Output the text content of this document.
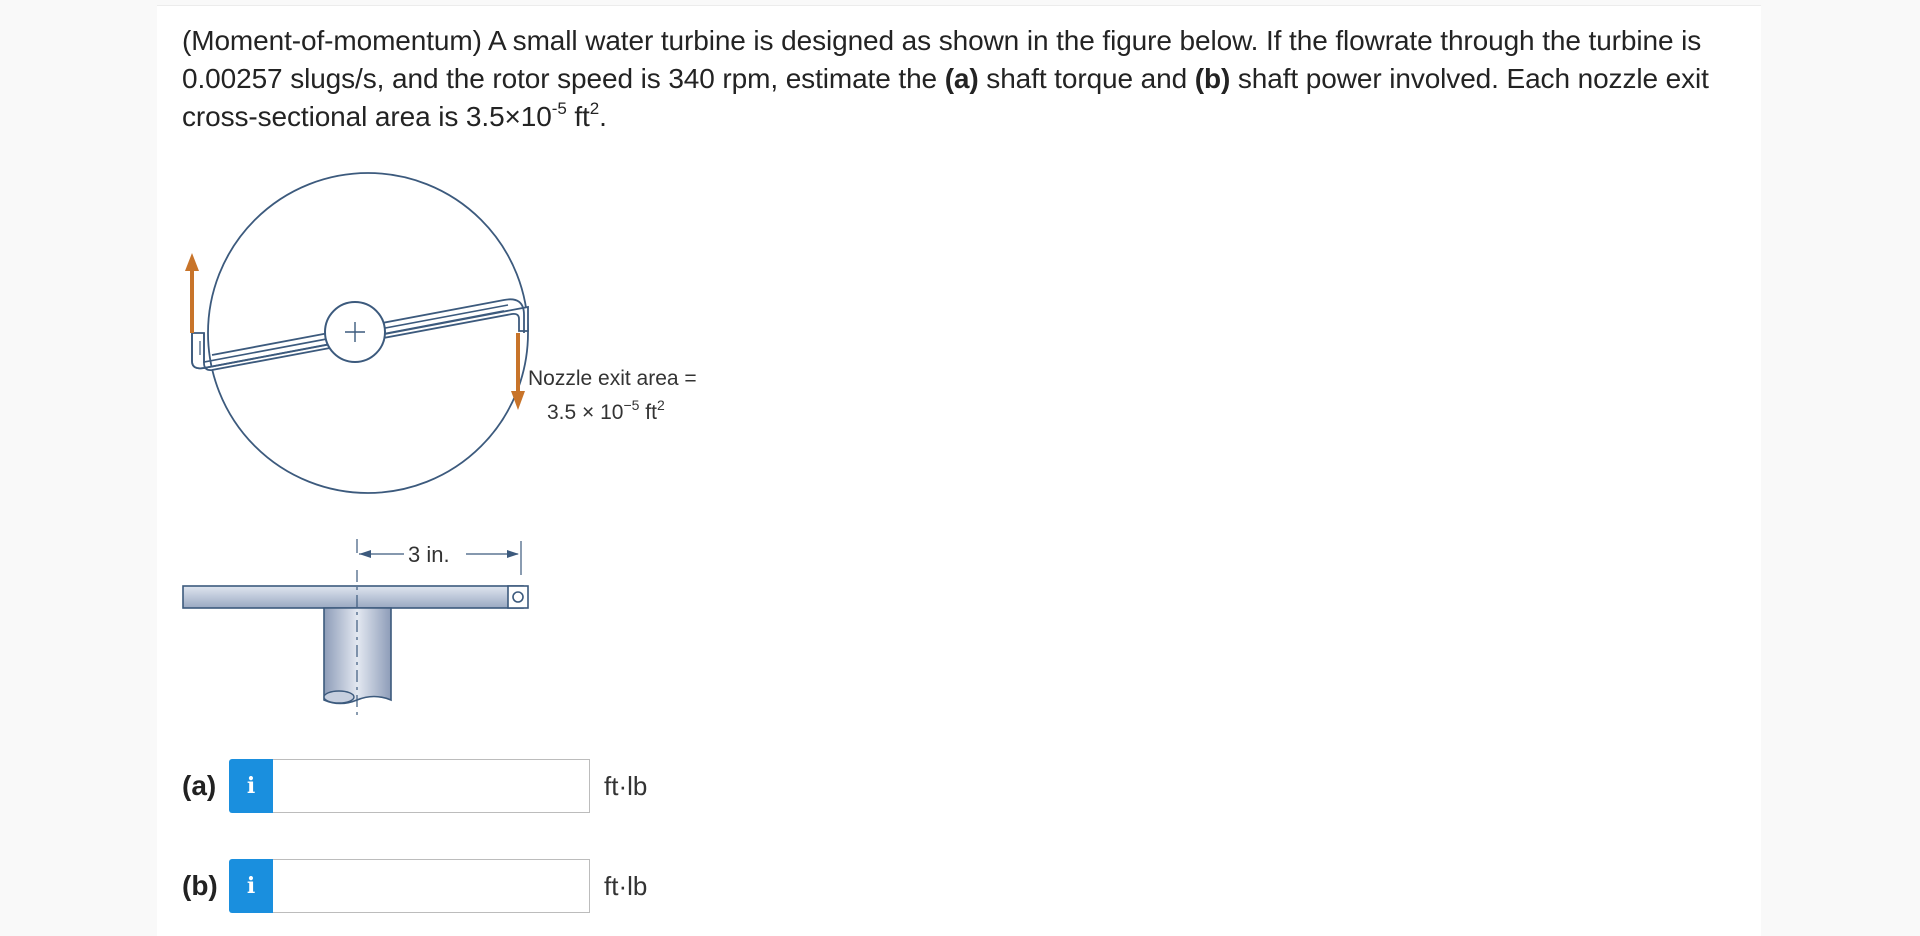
(Moment-of-momentum) A small water turbine is designed as shown in the figure below. If the flowrate through the turbine is 0.00257 slugs/s, and the rotor speed is 340 rpm, estimate the (a) shaft torque and (b) shaft power involved. Each nozzle exit cross-sectional area is $3.5\times 10^{-5}$ $ft^2$.
Nozzle exit area =
$3.5 \times 10^{-5}$ $ft^2$
3 in.
(a)	i	ft·lb
(b)	i	ft·lb
